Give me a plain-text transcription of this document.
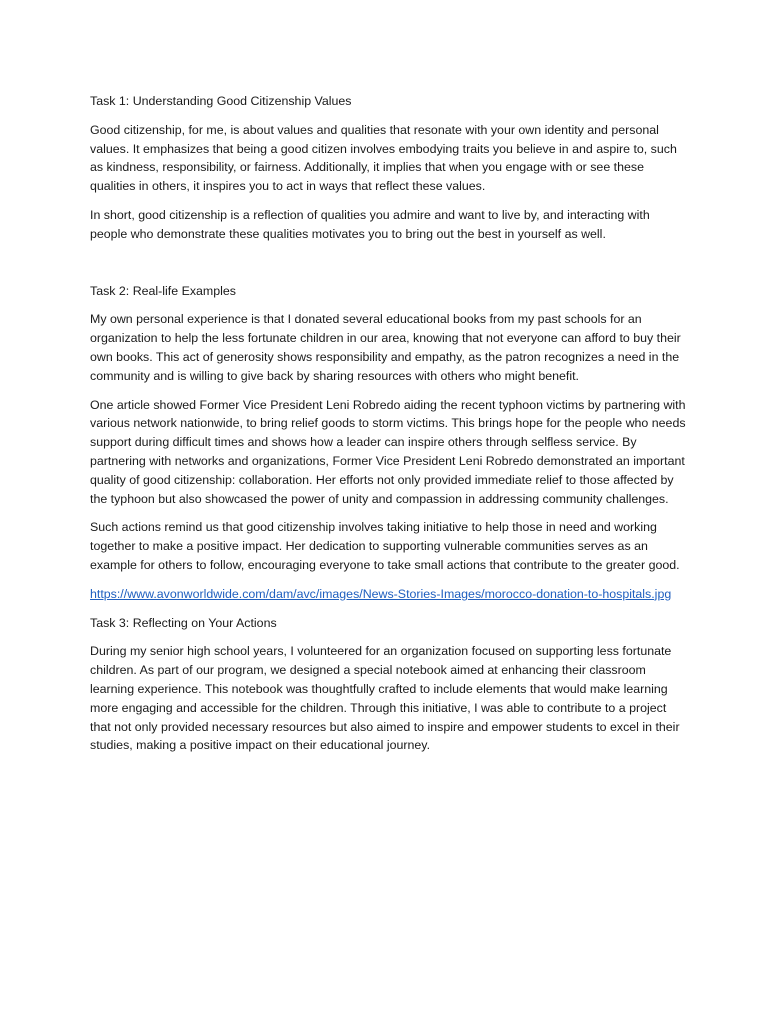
Task 1: Understanding Good Citizenship Values

Good citizenship, for me, is about values and qualities that resonate with your own identity and personal values. It emphasizes that being a good citizen involves embodying traits you believe in and aspire to, such as kindness, responsibility, or fairness. Additionally, it implies that when you engage with or see these qualities in others, it inspires you to act in ways that reflect these values.

In short, good citizenship is a reflection of qualities you admire and want to live by, and interacting with people who demonstrate these qualities motivates you to bring out the best in yourself as well.

Task 2: Real-life Examples

My own personal experience is that I donated several educational books from my past schools for an organization to help the less fortunate children in our area, knowing that not everyone can afford to buy their own books. This act of generosity shows responsibility and empathy, as the patron recognizes a need in the community and is willing to give back by sharing resources with others who might benefit.

One article showed Former Vice President Leni Robredo aiding the recent typhoon victims by partnering with various network nationwide, to bring relief goods to storm victims. This brings hope for the people who needs support during difficult times and shows how a leader can inspire others through selfless service. By partnering with networks and organizations, Former Vice President Leni Robredo demonstrated an important quality of good citizenship: collaboration. Her efforts not only provided immediate relief to those affected by the typhoon but also showcased the power of unity and compassion in addressing community challenges.

Such actions remind us that good citizenship involves taking initiative to help those in need and working together to make a positive impact. Her dedication to supporting vulnerable communities serves as an example for others to follow, encouraging everyone to take small actions that contribute to the greater good.

https://www.avonworldwide.com/dam/avc/images/News-Stories-Images/morocco-donation-to-hospitals.jpg
Task 3: Reflecting on Your Actions

During my senior high school years, I volunteered for an organization focused on supporting less fortunate children. As part of our program, we designed a special notebook aimed at enhancing their classroom learning experience. This notebook was thoughtfully crafted to include elements that would make learning more engaging and accessible for the children. Through this initiative, I was able to contribute to a project that not only provided necessary resources but also aimed to inspire and empower students to excel in their studies, making a positive impact on their educational journey.
